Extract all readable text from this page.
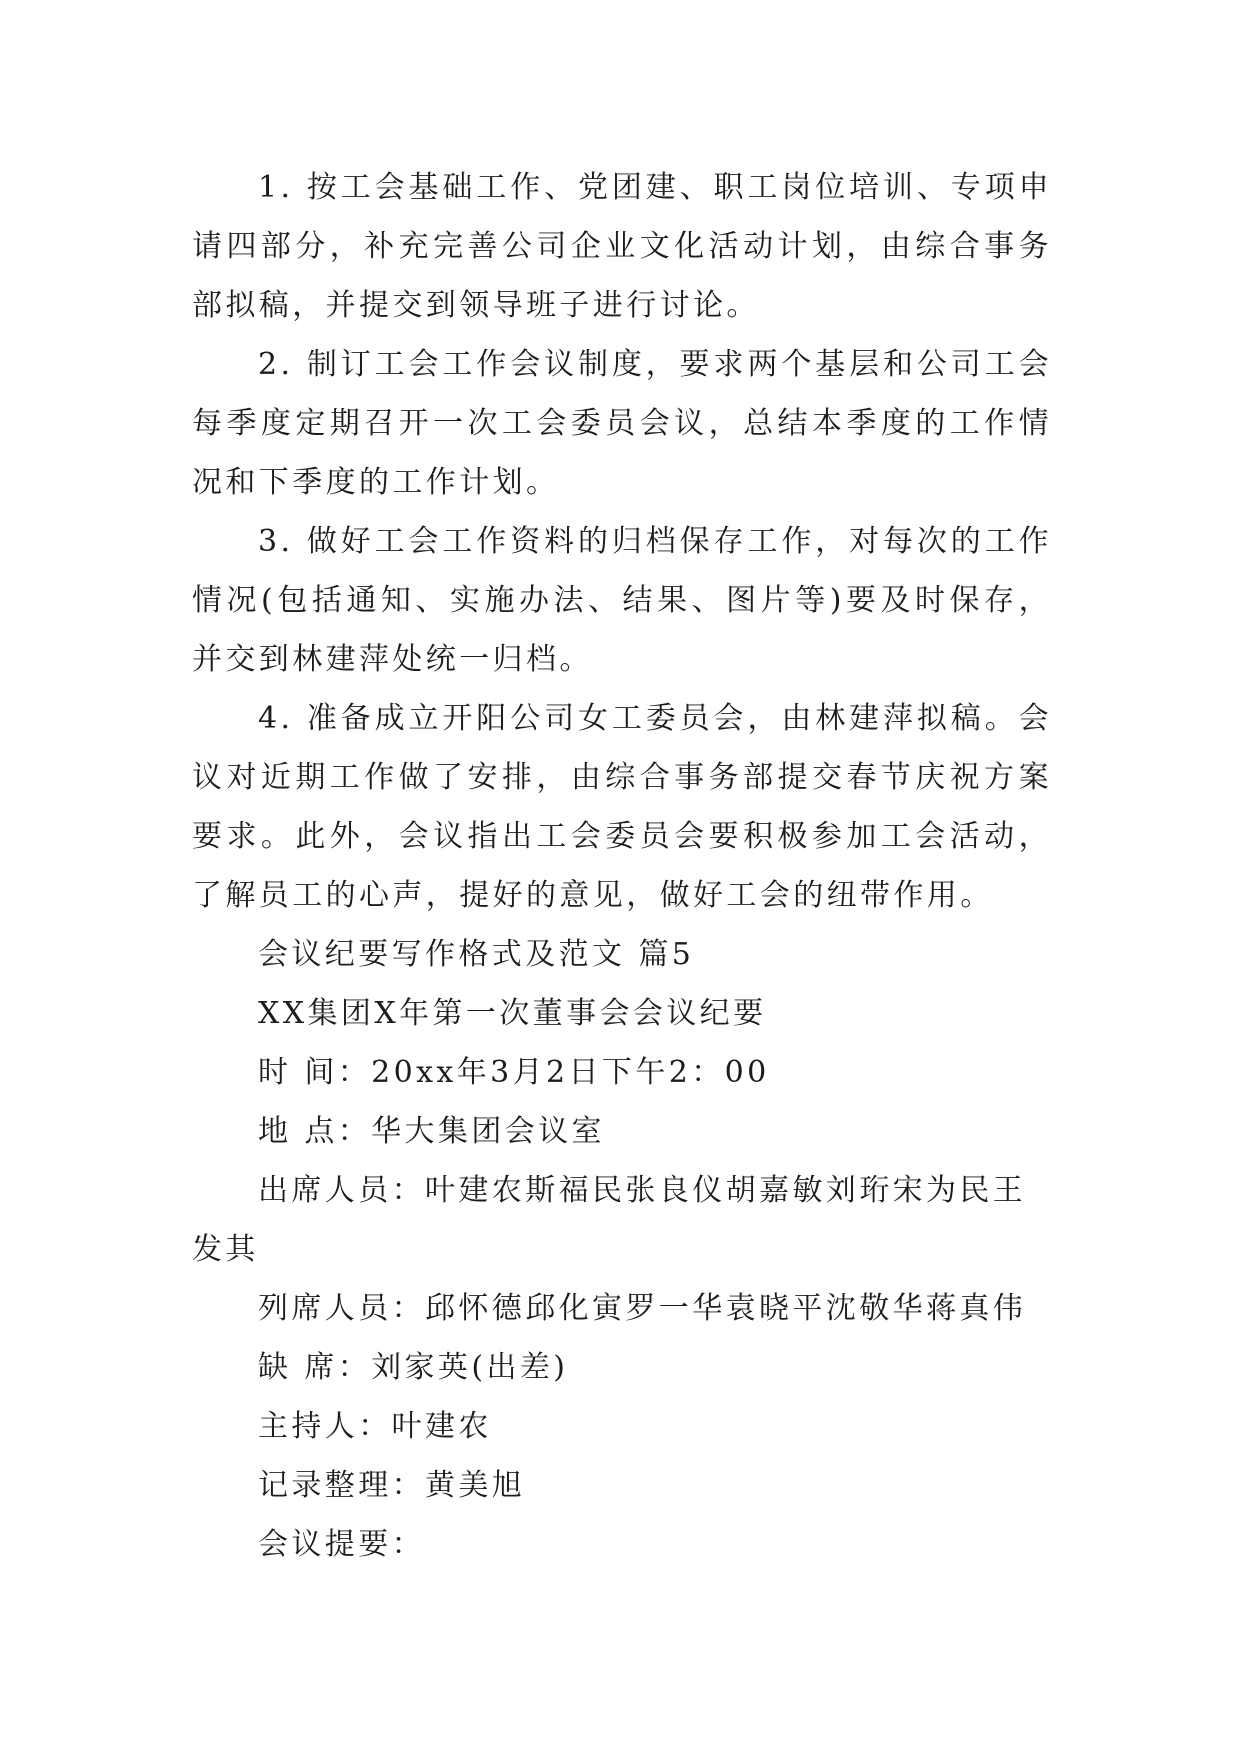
1. 按工会基础工作、党团建、职工岗位培训、专项申请四部分，补充完善公司企业文化活动计划，由综合事务部拟稿，并提交到领导班子进行讨论。

2. 制订工会工作会议制度，要求两个基层和公司工会每季度定期召开一次工会委员会议，总结本季度的工作情况和下季度的工作计划。

3. 做好工会工作资料的归档保存工作，对每次的工作情况(包括通知、实施办法、结果、图片等)要及时保存，并交到林建萍处统一归档。

4. 准备成立开阳公司女工委员会，由林建萍拟稿。会议对近期工作做了安排，由综合事务部提交春节庆祝方案要求。此外，会议指出工会委员会要积极参加工会活动，了解员工的心声，提好的意见，做好工会的纽带作用。

会议纪要写作格式及范文 篇5

XX集团X年第一次董事会会议纪要

时 间：20xx年3月2日下午2：00

地 点：华大集团会议室

出席人员：叶建农斯福民张良仪胡嘉敏刘珩宋为民王发其

列席人员：邱怀德邱化寅罗一华袁晓平沈敬华蒋真伟

缺 席：刘家英(出差)

主持人：叶建农

记录整理：黄美旭

会议提要：
